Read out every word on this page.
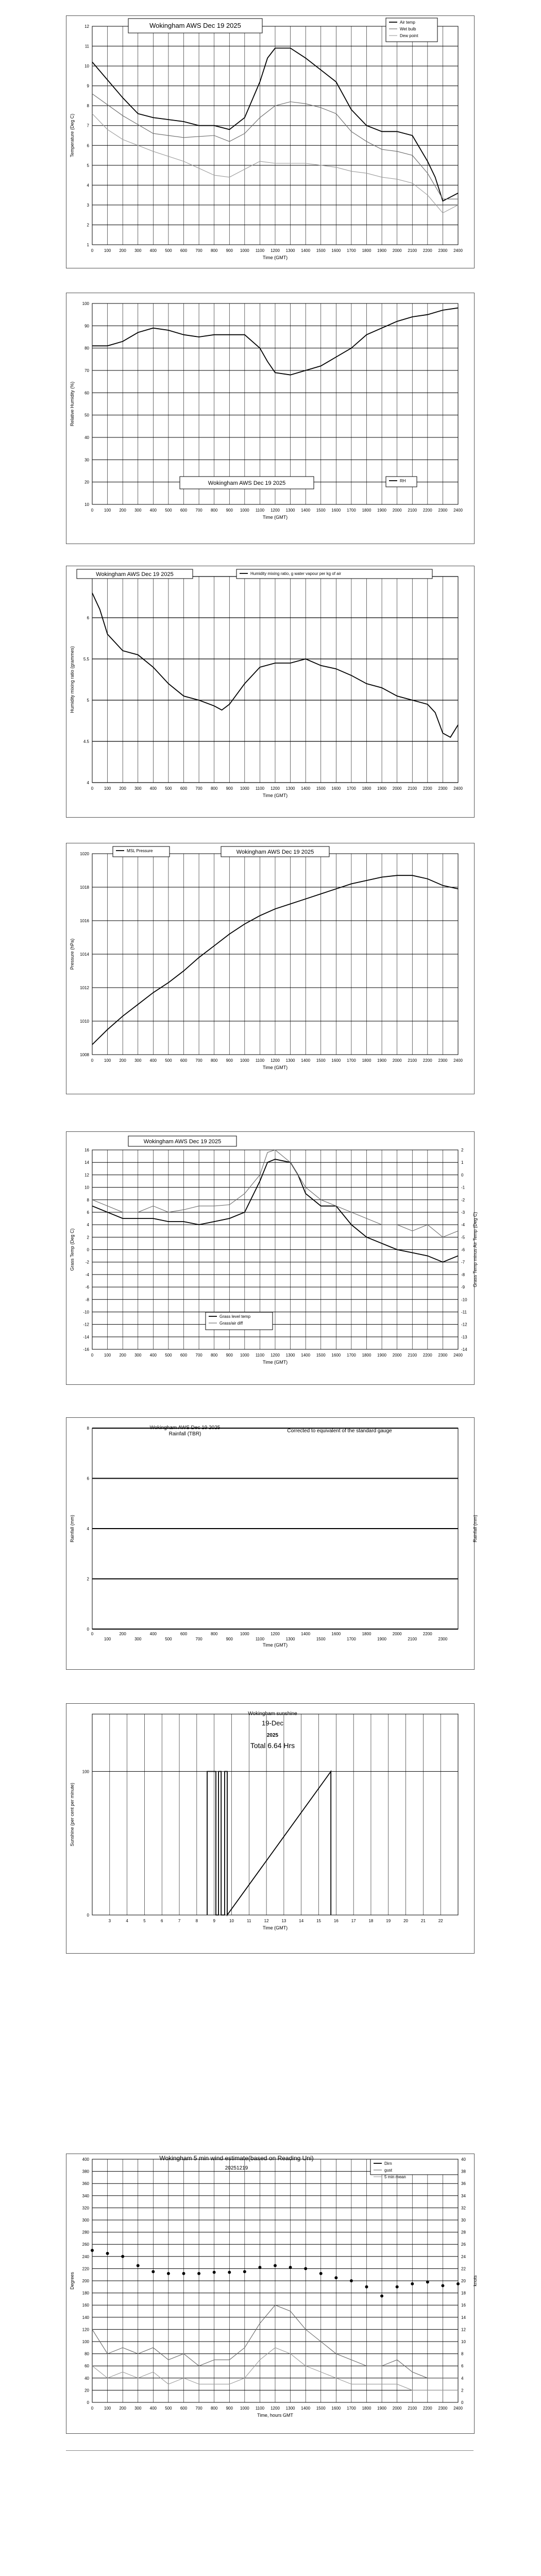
1
2
3
4
5
6
7
8
9
10
11
12
0	100 200 300 400 500 600 700 800 900 1000 1100 1200 1300 1400 1500 1600 1700 1800 1900 2000 2100 2200 2300 2400
Time (GMT)
Temperature (Deg C)
Wokingham AWS Dec 19 2025	Air temp
Wet bulb
Dew point
10
20
30
40
50
60
70
80
90
100
0	100 200 300 400 500 600 700 800 900 1000 1100 1200 1300 1400 1500 1600 1700 1800 1900 2000 2100 2200 2300 2400
Time (GMT)
Relative Humidity (%)
Wokingham AWS Dec 19 2025	RH
4
4.5
5
5.5
6
0	100 200 300 400 500 600 700 800 900 1000 1100 1200 1300 1400 1500 1600 1700 1800 1900 2000 2100 2200 2300 2400
Time (GMT)
Humidity mixing ratio (grammes)
Wokingham AWS Dec 19 2025	Humidity mixing ratio, g water vapour per kg of air
1008
1010
1012
1014
1016
1018
1020
0	100 200 300 400 500 600 700 800 900 1000 1100 1200 1300 1400 1500 1600 1700 1800 1900 2000 2100 2200 2300 2400
Time (GMT)
Pressure (hPa)
Wokingham AWS Dec 19 2025
MSL Pressure
-16
-14
-12
-10
-8
-6
-4
-2
0
2
4
6
8
10
12
14
16
-14
-13
-12
-11
-10
-9
-8
-7
-6
-5
-4
-3
-2
-1
0
1
2
0	100 200 300 400 500 600 700 800 900 1000 1100 1200 1300 1400 1500 1600 1700 1800 1900 2000 2100 2200 2300 2400
Time (GMT)
Grass Temp (Deg C)	Grass Temp minus Air Temp (Deg C)
Wokingham AWS Dec 19 2025
Grass level temp
Grass/air diff
0
2
4
6
8
0
100
200
300
400
500
600
700
800
900
1000
1100
1200
1300
1400
1500
1600
1700
1800
1900
2000
2100
2200
2300
Time (GMT)
Rainfall (mm)	Rainfall (mm)
Wokingham AWS Dec 19 2025
Rainfall (TBR)
Corrected to equivalent of the standard gauge
0
100
3	4	5	6	7	8	9	10	11	12	13	14	15	16	17	18	19	20	21	22
Time (GMT)
Sunshine (per cent per minute)
Wokingham sunshine
19-Dec
2025
Total 6.64 Hrs
0
20
40
60
80
100
120
140
160
180
200
220
240
260
280
300
320
340
360
380
400
0
2
4
6
8
10
12
14
16
18
20
22
24
26
28
30
32
34
36
38
40
0	100 200 300 400 500 600 700 800 900 1000 1100 1200 1300 1400 1500 1600 1700 1800 1900 2000 2100 2200 2300 2400
Time, hours GMT
Degrees	knots
Dirn
gust
5 min mean
Wokingham 5 min wind estimate(based on Reading Uni)
20251219
